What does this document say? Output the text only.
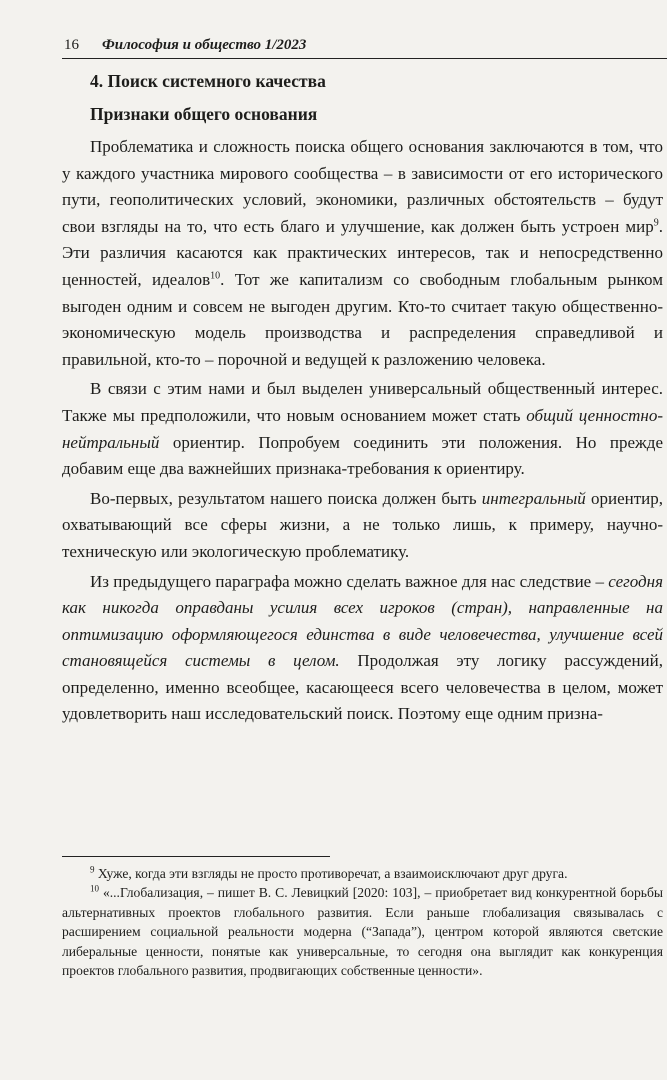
16 Философия и общество 1/2023
4. Поиск системного качества
Признаки общего основания

Проблематика и сложность поиска общего основания заключаются в том, что у каждого участника мирового сообщества – в зависимости от его исторического пути, геополитических условий, экономики, различных обстоятельств – будут свои взгляды на то, что есть благо и улучшение, как должен быть устроен мир$^9$. Эти различия касаются как практических интересов, так и непосредственно ценностей, идеалов$^{10}$. Тот же капитализм со свободным глобальным рынком выгоден одним и совсем не выгоден другим. Кто-то считает такую общественно-экономическую модель производства и распределения справедливой и правильной, кто-то – порочной и ведущей к разложению человека.

В связи с этим нами и был выделен универсальный общественный интерес. Также мы предположили, что новым основанием может стать общий ценностно-нейтральный ориентир. Попробуем соединить эти положения. Но прежде добавим еще два важнейших признака-требования к ориентиру.

Во-первых, результатом нашего поиска должен быть интегральный ориентир, охватывающий все сферы жизни, а не только лишь, к примеру, научно-техническую или экологическую проблематику.

Из предыдущего параграфа можно сделать важное для нас следствие – сегодня как никогда оправданы усилия всех игроков (стран), направленные на оптимизацию оформляющегося единства в виде человечества, улучшение всей становящейся системы в целом. Продолжая эту логику рассуждений, определенно, именно всеобщее, касающееся всего человечества в целом, может удовлетворить наш исследовательский поиск. Поэтому еще одним призна-

$^9$ Хуже, когда эти взгляды не просто противоречат, а взаимоисключают друг друга.

$^{10}$ «...Глобализация, – пишет В. С. Левицкий [2020: 103], – приобретает вид конкурентной борьбы альтернативных проектов глобального развития. Если раньше глобализация связывалась с расширением социальной реальности модерна (“Запада”), центром которой являются светские либеральные ценности, понятые как универсальные, то сегодня она выглядит как конкуренция проектов глобального развития, продвигающих собственные ценности».
